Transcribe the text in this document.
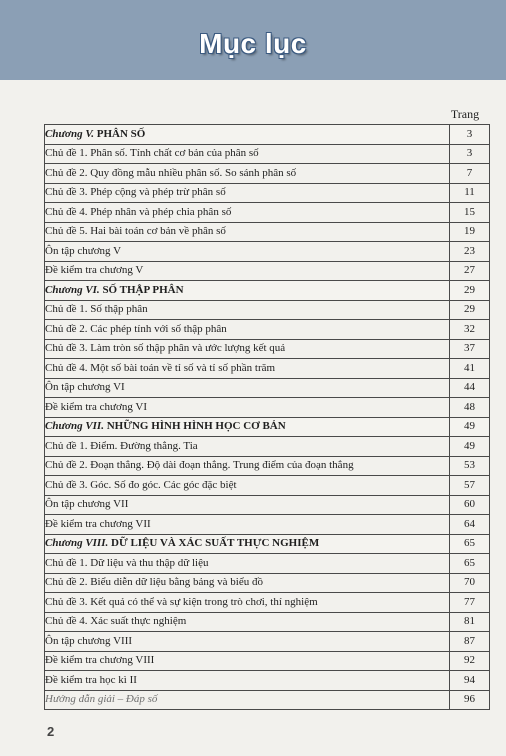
Mục lục
Trang
Chương V. PHÂN SỐ	3
Chủ đề 1. Phân số. Tính chất cơ bản của phân số	3
Chủ đề 2. Quy đồng mẫu nhiều phân số. So sánh phân số	7
Chủ đề 3. Phép cộng và phép trừ phân số	11
Chủ đề 4. Phép nhân và phép chia phân số	15
Chủ đề 5. Hai bài toán cơ bản về phân số	19
Ôn tập chương V	23
Đề kiểm tra chương V	27
Chương VI. SỐ THẬP PHÂN	29
Chủ đề 1. Số thập phân	29
Chủ đề 2. Các phép tính với số thập phân	32
Chủ đề 3. Làm tròn số thập phân và ước lượng kết quả	37
Chủ đề 4. Một số bài toán về tỉ số và tỉ số phần trăm	41
Ôn tập chương VI	44
Đề kiểm tra chương VI	48
Chương VII. NHỮNG HÌNH HÌNH HỌC CƠ BẢN	49
Chủ đề 1. Điểm. Đường thẳng. Tia	49
Chủ đề 2. Đoạn thẳng. Độ dài đoạn thẳng. Trung điểm của đoạn thẳng	53
Chủ đề 3. Góc. Số đo góc. Các góc đặc biệt	57
Ôn tập chương VII	60
Đề kiểm tra chương VII	64
Chương VIII. DỮ LIỆU VÀ XÁC SUẤT THỰC NGHIỆM	65
Chủ đề 1. Dữ liệu và thu thập dữ liệu	65
Chủ đề 2. Biểu diễn dữ liệu bằng bảng và biểu đồ	70
Chủ đề 3. Kết quả có thể và sự kiện trong trò chơi, thí nghiệm	77
Chủ đề 4. Xác suất thực nghiệm	81
Ôn tập chương VIII	87
Đề kiểm tra chương VIII	92
Đề kiểm tra học kì II	94
Hướng dẫn giải – Đáp số	96
2
